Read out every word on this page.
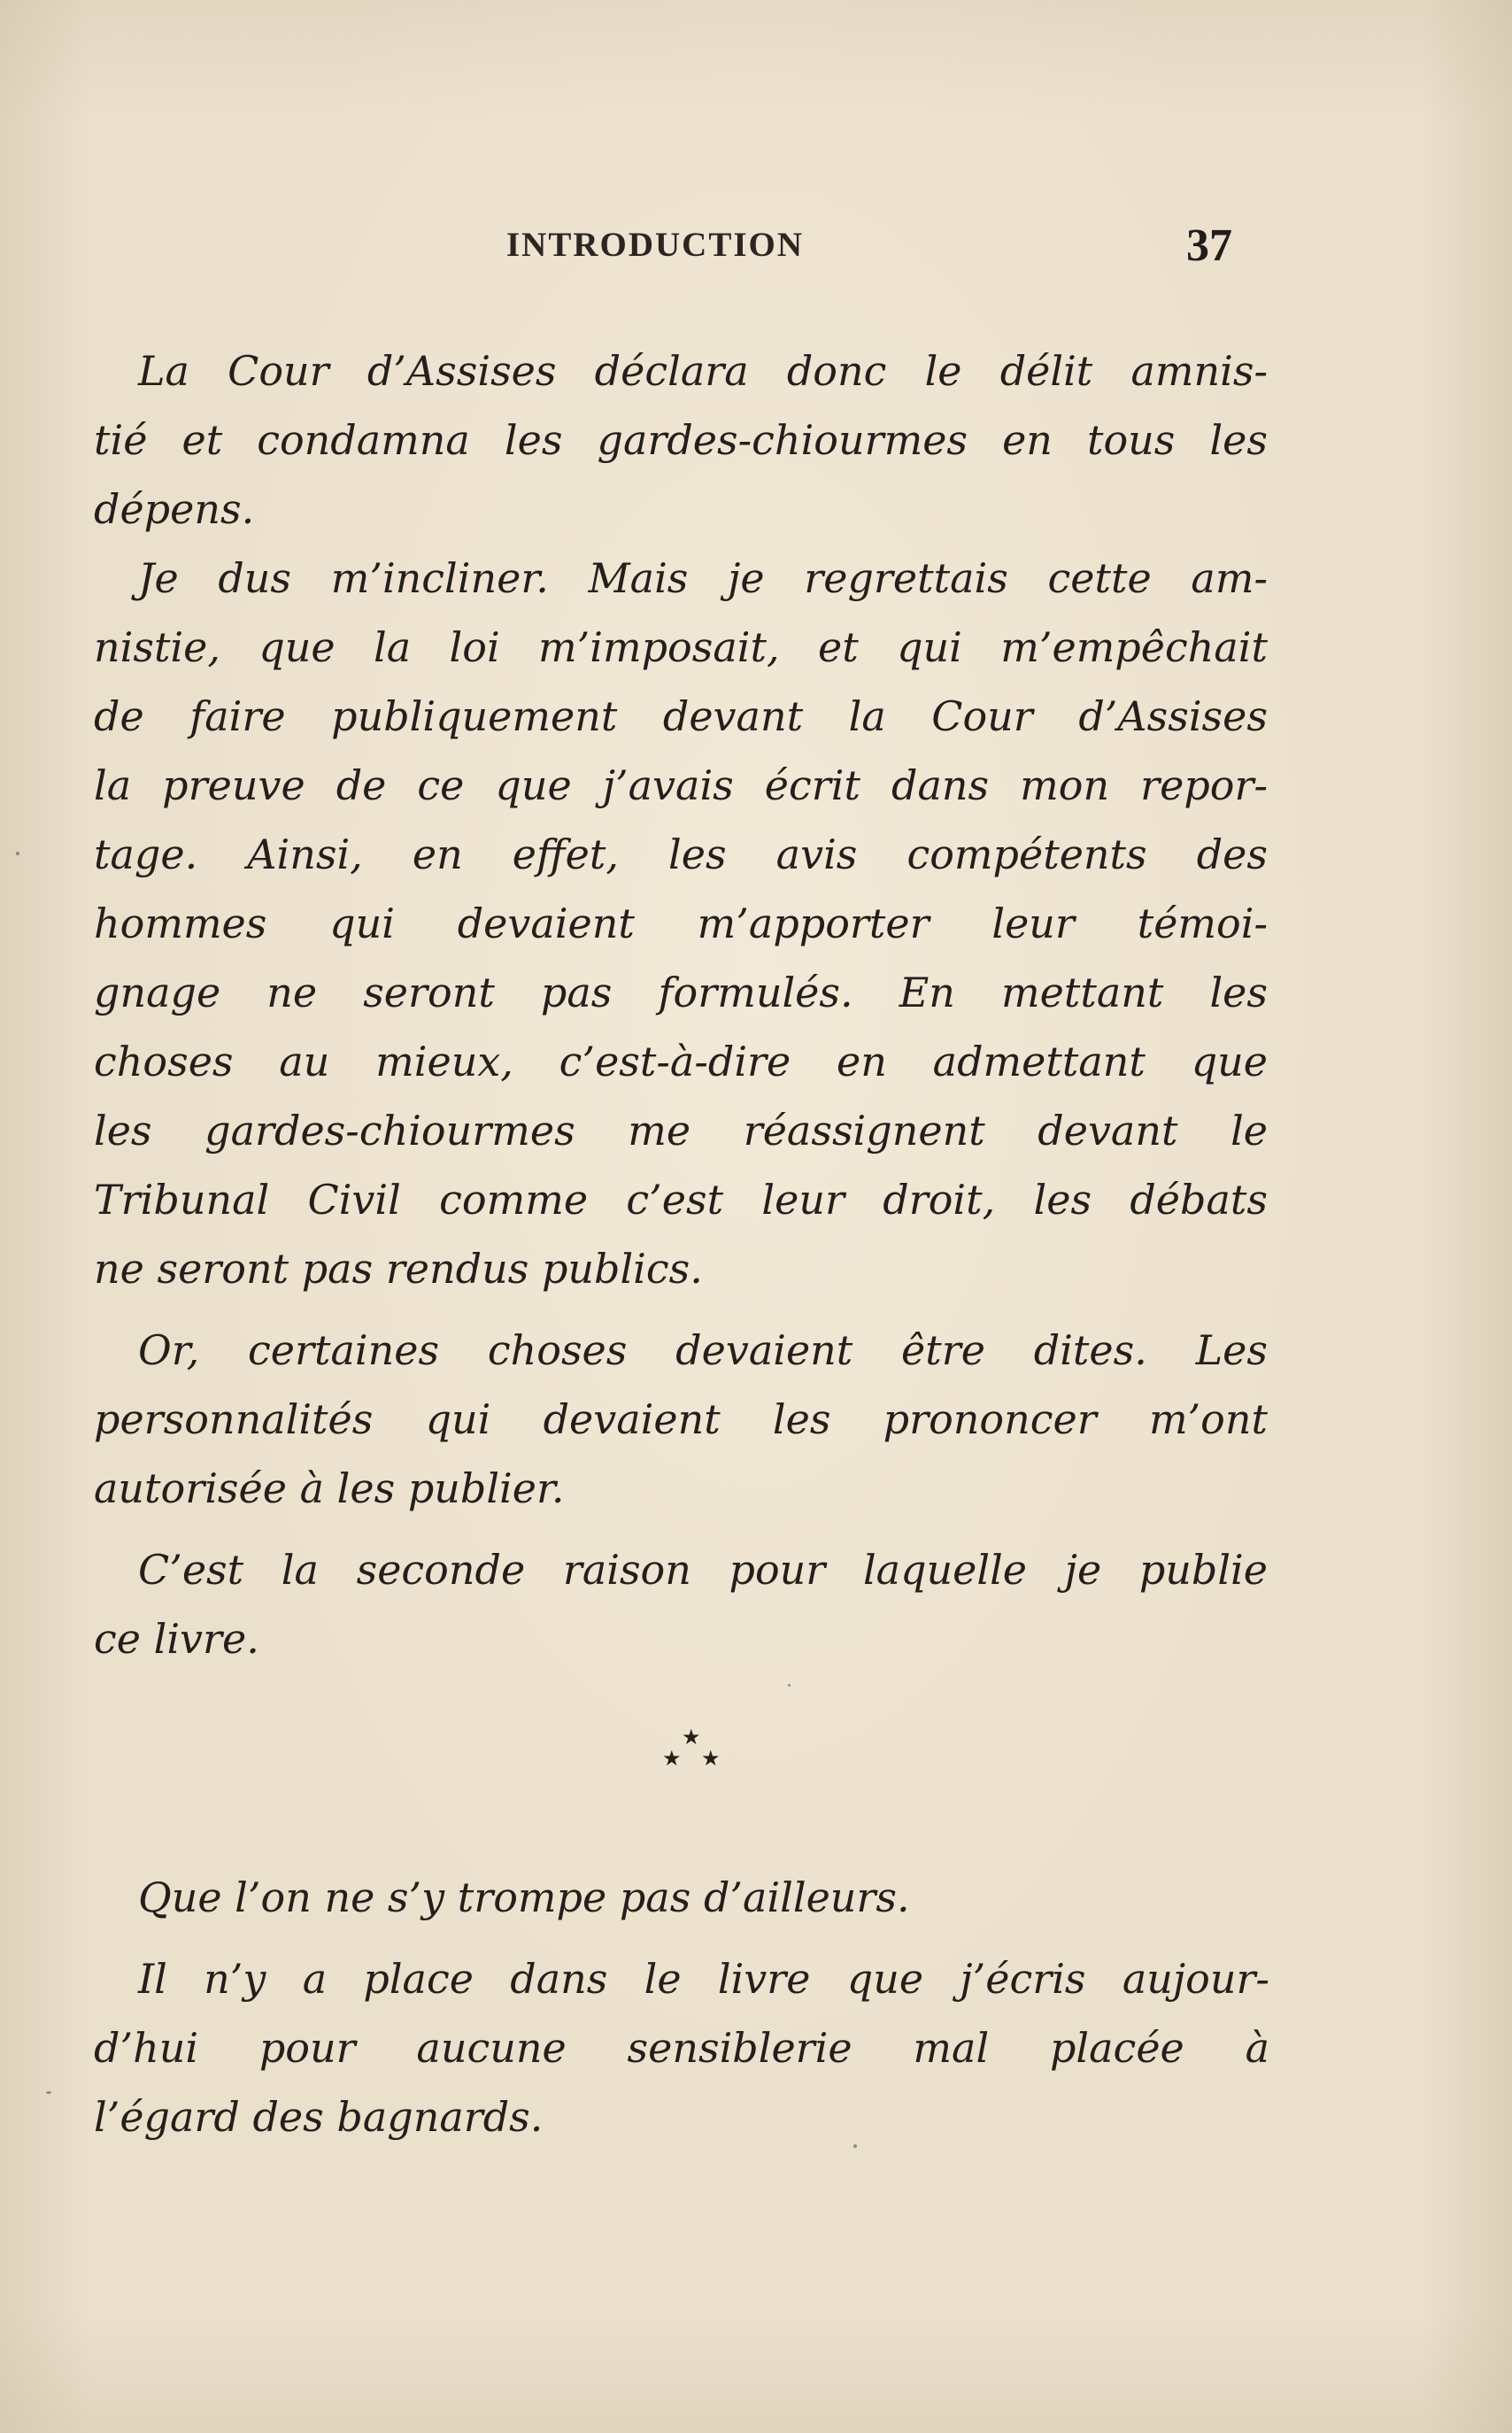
INTRODUCTION	37

La Cour d’Assises déclara donc le délit amnis-
tié et condamna les gardes-chiourmes en tous les
dépens.

Je dus m’incliner. Mais je regrettais cette am-
nistie, que la loi m’imposait, et qui m’empêchait
de faire publiquement devant la Cour d’Assises
la preuve de ce que j’avais écrit dans mon repor-
tage. Ainsi, en effet, les avis compétents des
hommes qui devaient m’apporter leur témoi-
gnage ne seront pas formulés. En mettant les
choses au mieux, c’est-à-dire en admettant que
les gardes-chiourmes me réassignent devant le
Tribunal Civil comme c’est leur droit, les débats
ne seront pas rendus publics.

Or, certaines choses devaient être dites. Les
personnalités qui devaient les prononcer m’ont
autorisée à les publier.

C’est la seconde raison pour laquelle je publie
ce livre.

★
★ ★

Que l’on ne s’y trompe pas d’ailleurs.

Il n’y a place dans le livre que j’écris aujour-
d’hui pour aucune sensiblerie mal placée à
l’égard des bagnards.
